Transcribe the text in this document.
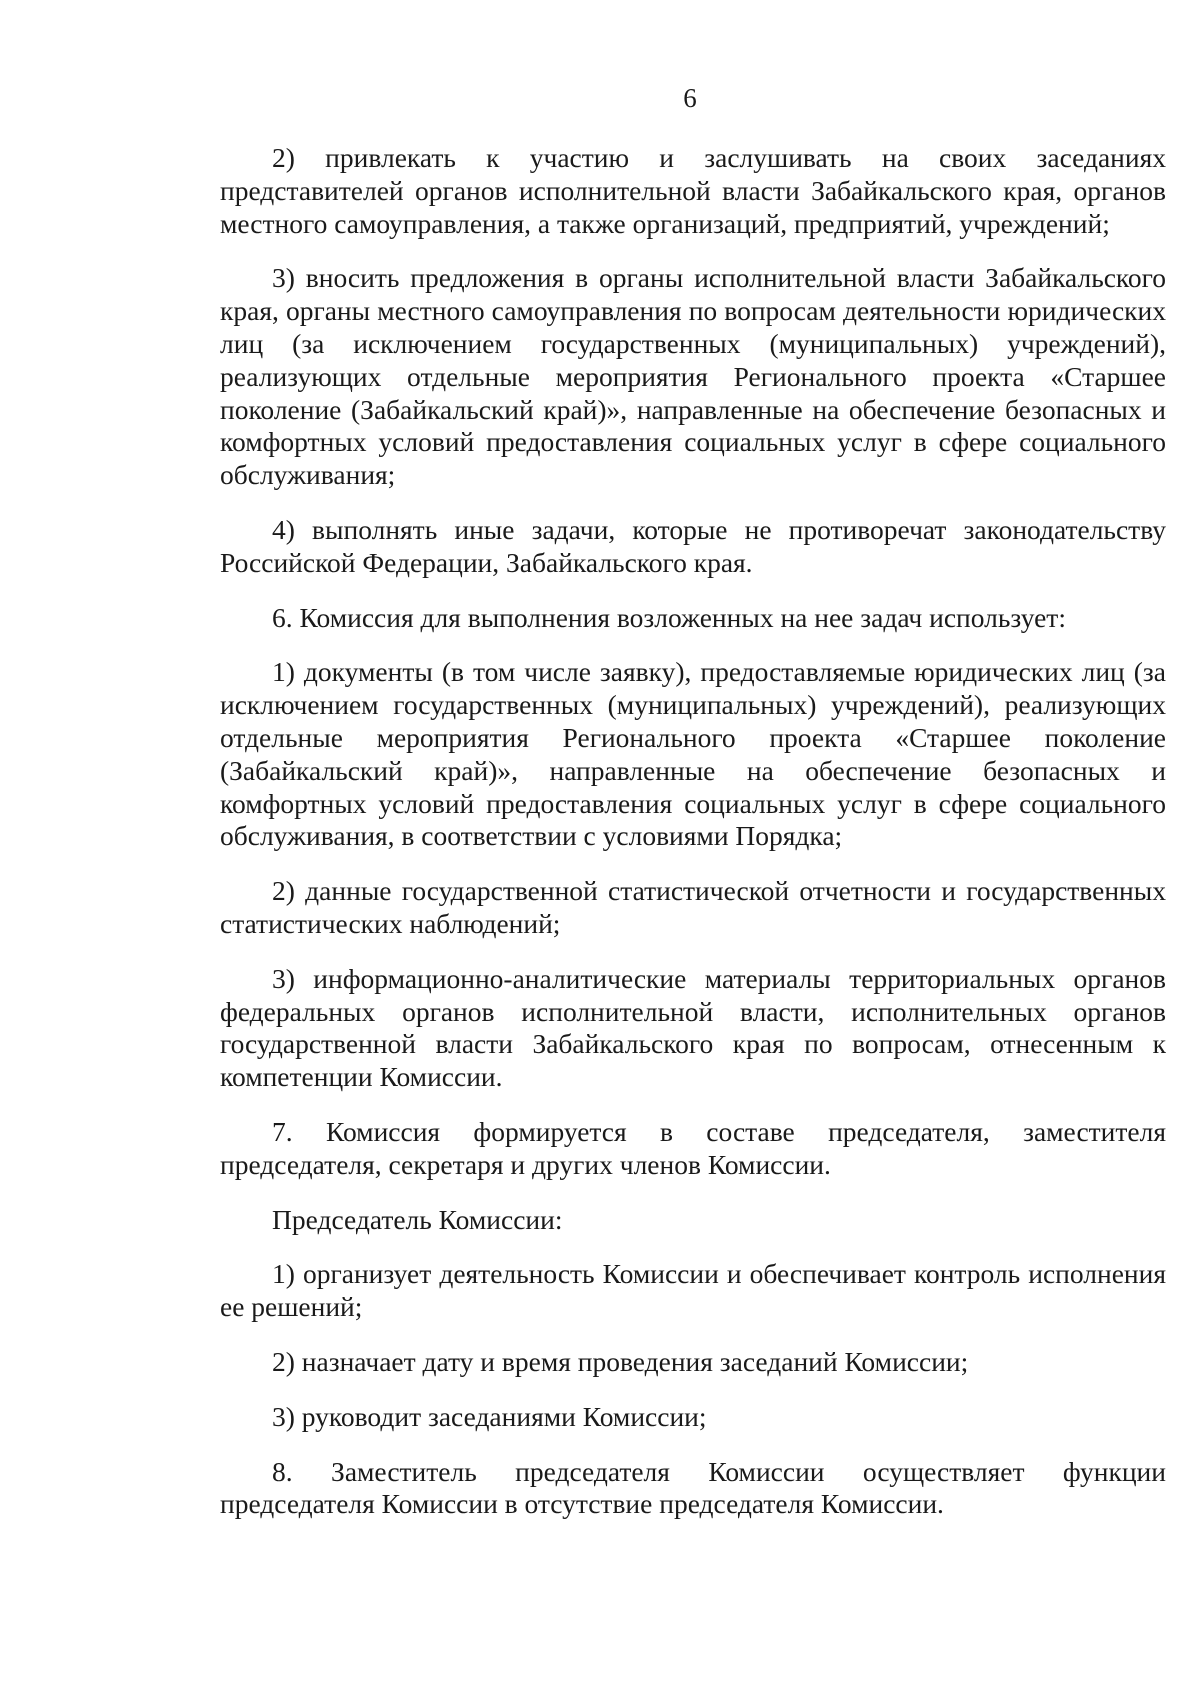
6

2) привлекать к участию и заслушивать на своих заседаниях представителей органов исполнительной власти Забайкальского края, органов местного самоуправления, а также организаций, предприятий, учреждений;

3) вносить предложения в органы исполнительной власти Забайкальского края, органы местного самоуправления по вопросам деятельности юридических лиц (за исключением государственных (муниципальных) учреждений), реализующих отдельные мероприятия Регионального проекта «Старшее поколение (Забайкальский край)», направленные на обеспечение безопасных и комфортных условий предоставления социальных услуг в сфере социального обслуживания;

4) выполнять иные задачи, которые не противоречат законодательству Российской Федерации, Забайкальского края.

6. Комиссия для выполнения возложенных на нее задач использует:

1) документы (в том числе заявку), предоставляемые юридических лиц (за исключением государственных (муниципальных) учреждений), реализующих отдельные мероприятия Регионального проекта «Старшее поколение (Забайкальский край)», направленные на обеспечение безопасных и комфортных условий предоставления социальных услуг в сфере социального обслуживания, в соответствии с условиями Порядка;

2) данные государственной статистической отчетности и государственных статистических наблюдений;

3) информационно-аналитические материалы территориальных органов федеральных органов исполнительной власти, исполнительных органов государственной власти Забайкальского края по вопросам, отнесенным к компетенции Комиссии.

7. Комиссия формируется в составе председателя, заместителя председателя, секретаря и других членов Комиссии.

Председатель Комиссии:

1) организует деятельность Комиссии и обеспечивает контроль исполнения ее решений;

2) назначает дату и время проведения заседаний Комиссии;

3) руководит заседаниями Комиссии;

8. Заместитель председателя Комиссии осуществляет функции председателя Комиссии в отсутствие председателя Комиссии.
